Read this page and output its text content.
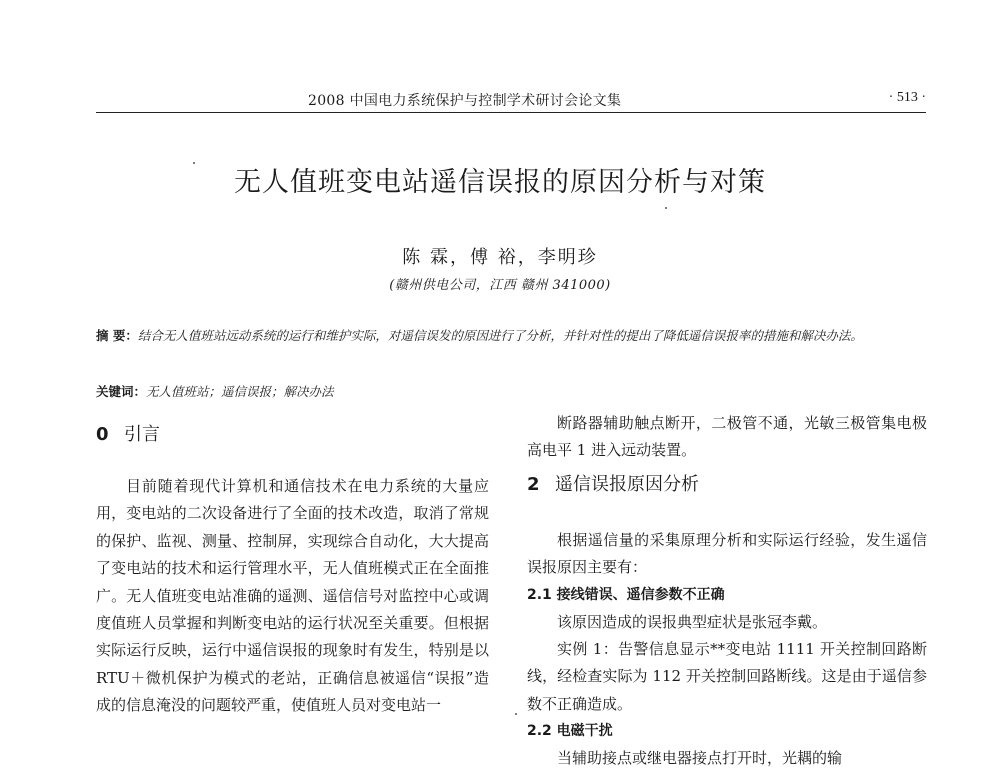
2008 中国电力系统保护与控制学术研讨会论文集	· 513 ·
无人值班变电站遥信误报的原因分析与对策
陈 霖，傅 裕，李明珍
(赣州供电公司，江西 赣州 341000)
摘 要：结合无人值班站远动系统的运行和维护实际，对遥信误发的原因进行了分析，并针对性的提出了降低遥信误报率的措施和解决办法。
关键词：无人值班站；遥信误报；解决办法
0 引言

目前随着现代计算机和通信技术在电力系统的大量应用，变电站的二次设备进行了全面的技术改造，取消了常规的保护、监视、测量、控制屏，实现综合自动化，大大提高了变电站的技术和运行管理水平，无人值班模式正在全面推广。无人值班变电站准确的遥测、遥信信号对监控中心或调度值班人员掌握和判断变电站的运行状况至关重要。但根据实际运行反映，运行中遥信误报的现象时有发生，特别是以 RTU＋微机保护为模式的老站，正确信息被遥信“误报”造成的信息淹没的问题较严重，使值班人员对变电站一

断路器辅助触点断开，二极管不通，光敏三极管集电极高电平 1 进入远动装置。

2 遥信误报原因分析

根据遥信量的采集原理分析和实际运行经验，发生遥信误报原因主要有：

2.1 接线错误、遥信参数不正确

该原因造成的误报典型症状是张冠李戴。

实例 1：告警信息显示**变电站 1111 开关控制回路断线，经检查实际为 112 开关控制回路断线。这是由于遥信参数不正确造成。

2.2 电磁干扰

当辅助接点或继电器接点打开时，光耦的输
